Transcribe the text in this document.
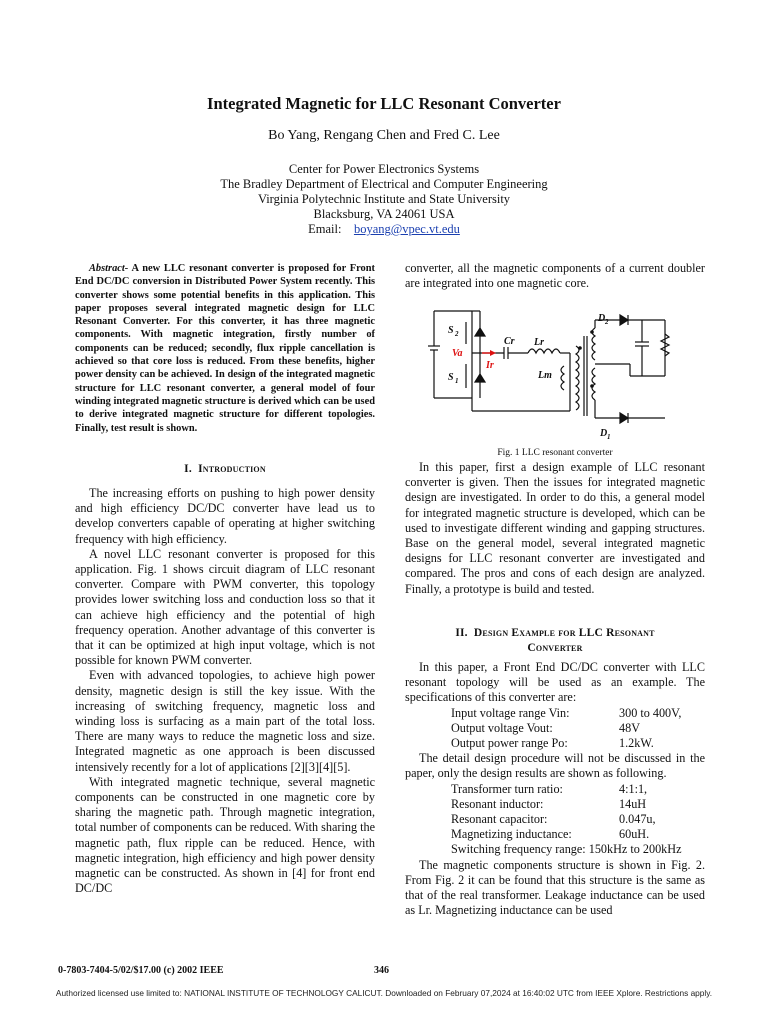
Integrated Magnetic for LLC Resonant Converter
Bo Yang, Rengang Chen and Fred C. Lee
Center for Power Electronics Systems
The Bradley Department of Electrical and Computer Engineering
Virginia Polytechnic Institute and State University
Blacksburg, VA 24061 USA
Email: boyang@vpec.vt.edu
Abstract- A new LLC resonant converter is proposed for Front End DC/DC conversion in Distributed Power System recently. This converter shows some potential benefits in this application. This paper proposes several integrated magnetic design for LLC Resonant Converter. For this converter, it has three magnetic components. With magnetic integration, firstly number of components can be reduced; secondly, flux ripple cancellation is achieved so that core loss is reduced. From these benefits, higher power density can be achieved. In design of the integrated magnetic structure for LLC resonant converter, a general model of four winding integrated magnetic structure is derived which can be used to derive integrated magnetic structure for different topologies. Finally, test result is shown.
I. Introduction

The increasing efforts on pushing to high power density and high efficiency DC/DC converter have lead us to develop converters capable of operating at higher switching frequency with high efficiency.

A novel LLC resonant converter is proposed for this application. Fig. 1 shows circuit diagram of LLC resonant converter. Compare with PWM converter, this topology provides lower switching loss and conduction loss so that it can achieve high efficiency and the potential of high frequency operation. Another advantage of this converter is that it can be optimized at high input voltage, which is not possible for known PWM converter.

Even with advanced topologies, to achieve high power density, magnetic design is still the key issue. With the increasing of switching frequency, magnetic loss and winding loss is surfacing as a main part of the total loss. There are many ways to reduce the magnetic loss and size. Integrated magnetic as one approach is been discussed intensively recently for a lot of applications [2][3][4][5].

With integrated magnetic technique, several magnetic components can be constructed in one magnetic core by sharing the magnetic path. Through magnetic integration, total number of components can be reduced. With sharing the magnetic path, flux ripple can be reduced. Hence, with magnetic integration, high efficiency and high power density magnetic can be constructed. As shown in [4] for front end DC/DC

converter, all the magnetic components of a current doubler are integrated into one magnetic core.

S 2
S 1
Va
Ir
Cr Lr
Lm
D 2
D 1
Fig. 1 LLC resonant converter

In this paper, first a design example of LLC resonant converter is given. Then the issues for integrated magnetic design are investigated. In order to do this, a general model for integrated magnetic structure is developed, which can be used to investigate different winding and gapping structures. Base on the general model, several integrated magnetic designs for LLC resonant converter are investigated and compared. The pros and cons of each design are analyzed. Finally, a prototype is build and tested.

II. Design Example for LLC Resonant
Converter

In this paper, a Front End DC/DC converter with LLC resonant topology will be used as an example. The specifications of this converter are:

Input voltage range Vin:	300 to 400V,
Output voltage Vout:	48V
Output power range Po:	1.2kW.

The detail design procedure will not be discussed in the paper, only the design results are shown as following.

Transformer turn ratio:	4:1:1,
Resonant inductor:	14uH
Resonant capacitor:	0.047u,
Magnetizing inductance:	60uH.
Switching frequency range: 150kHz to 200kHz

The magnetic components structure is shown in Fig. 2. From Fig. 2 it can be found that this structure is the same as that of the real transformer. Leakage inductance can be used as Lr. Magnetizing inductance can be used

0-7803-7404-5/02/$17.00 (c) 2002 IEEE	346
Authorized licensed use limited to: NATIONAL INSTITUTE OF TECHNOLOGY CALICUT. Downloaded on February 07,2024 at 16:40:02 UTC from IEEE Xplore. Restrictions apply.
